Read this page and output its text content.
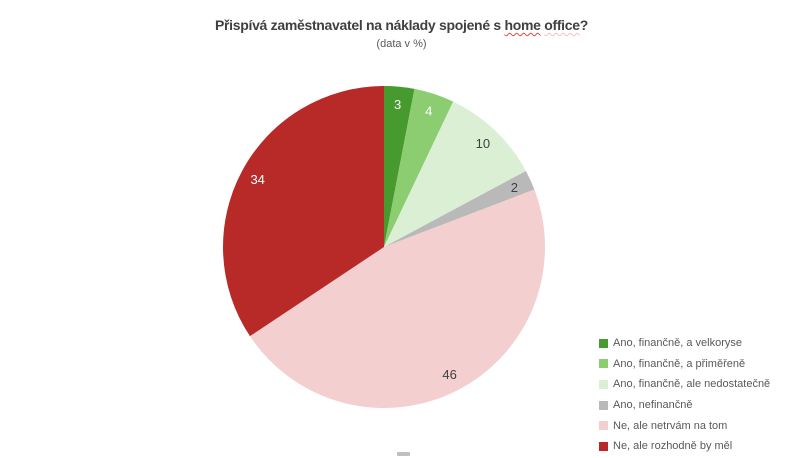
Přispívá zaměstnavatel na náklady spojené s home office?
(data v %)
3 4
10
2
46
34
Ano, finančně, a velkoryse
Ano, finančně, a přiměřeně
Ano, finančně, ale nedostatečně
Ano, nefinančně
Ne, ale netrvám na tom
Ne, ale rozhodně by měl
